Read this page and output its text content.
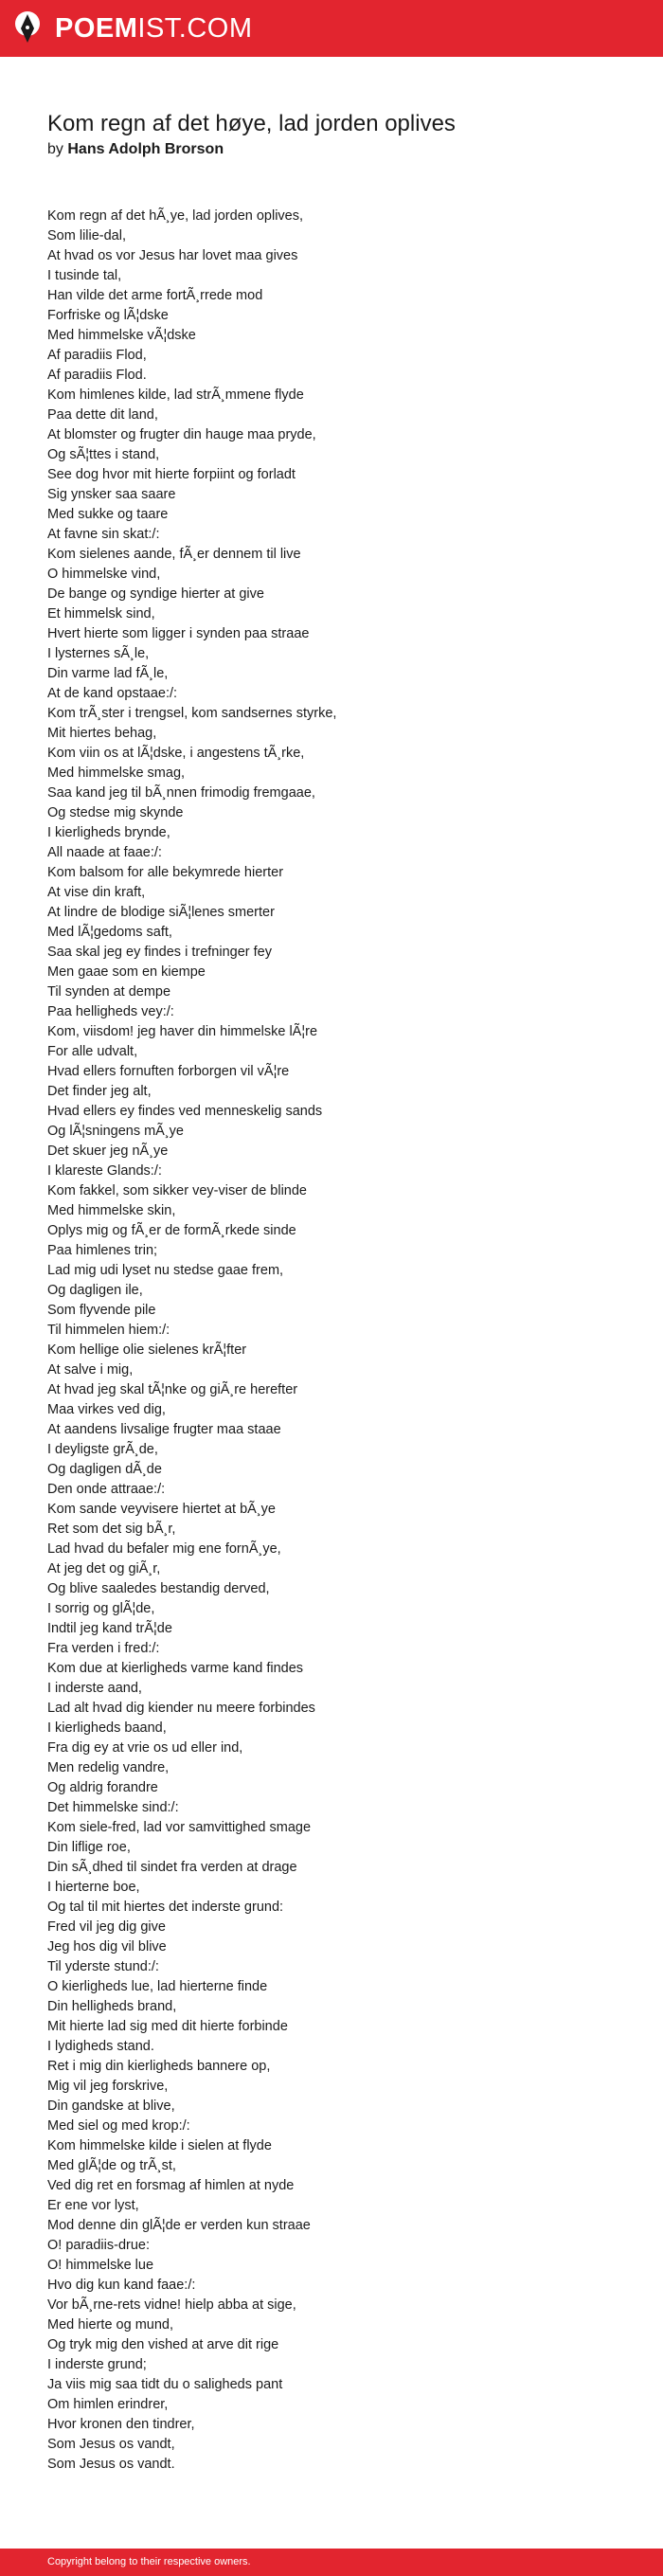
POEMIST.COM
Kom regn af det høye, lad jorden oplives
by Hans Adolph Brorson
Kom regn af det hÃ¸ye, lad jorden oplives,
Som lilie-dal,
At hvad os vor Jesus har lovet maa gives
I tusinde tal,
Han vilde det arme fortÃ¸rrede mod
Forfriske og lÃ¦dske
Med himmelske vÃ¦dske
Af paradiis Flod,
Af paradiis Flod.
Kom himlenes kilde, lad strÃ¸mmene flyde
Paa dette dit land,
At blomster og frugter din hauge maa pryde,
Og sÃ¦ttes i stand,
See dog hvor mit hierte forpiint og forladt
Sig ynsker saa saare
Med sukke og taare
At favne sin skat:/:
Kom sielenes aande, fÃ¸er dennem til live
O himmelske vind,
De bange og syndige hierter at give
Et himmelsk sind,
Hvert hierte som ligger i synden paa straae
I lysternes sÃ¸le,
Din varme lad fÃ¸le,
At de kand opstaae:/:
Kom trÃ¸ster i trengsel, kom sandsernes styrke,
Mit hiertes behag,
Kom viin os at lÃ¦dske, i angestens tÃ¸rke,
Med himmelske smag,
Saa kand jeg til bÃ¸nnen frimodig fremgaae,
Og stedse mig skynde
I kierligheds brynde,
All naade at faae:/:
Kom balsom for alle bekymrede hierter
At vise din kraft,
At lindre de blodige siÃ¦lenes smerter
Med lÃ¦gedoms saft,
Saa skal jeg ey findes i trefninger fey
Men gaae som en kiempe
Til synden at dempe
Paa helligheds vey:/:
Kom, viisdom! jeg haver din himmelske lÃ¦re
For alle udvalt,
Hvad ellers fornuften forborgen vil vÃ¦re
Det finder jeg alt,
Hvad ellers ey findes ved menneskelig sands
Og lÃ¦sningens mÃ¸ye
Det skuer jeg nÃ¸ye
I klareste Glands:/:
Kom fakkel, som sikker vey-viser de blinde
Med himmelske skin,
Oplys mig og fÃ¸er de formÃ¸rkede sinde
Paa himlenes trin;
Lad mig udi lyset nu stedse gaae frem,
Og dagligen ile,
Som flyvende pile
Til himmelen hiem:/:
Kom hellige olie sielenes krÃ¦fter
At salve i mig,
At hvad jeg skal tÃ¦nke og giÃ¸re herefter
Maa virkes ved dig,
At aandens livsalige frugter maa staae
I deyligste grÃ¸de,
Og dagligen dÃ¸de
Den onde attraae:/:
Kom sande veyvisere hiertet at bÃ¸ye
Ret som det sig bÃ¸r,
Lad hvad du befaler mig ene fornÃ¸ye,
At jeg det og giÃ¸r,
Og blive saaledes bestandig derved,
I sorrig og glÃ¦de,
Indtil jeg kand trÃ¦de
Fra verden i fred:/:
Kom due at kierligheds varme kand findes
I inderste aand,
Lad alt hvad dig kiender nu meere forbindes
I kierligheds baand,
Fra dig ey at vrie os ud eller ind,
Men redelig vandre,
Og aldrig forandre
Det himmelske sind:/:
Kom siele-fred, lad vor samvittighed smage
Din liflige roe,
Din sÃ¸dhed til sindet fra verden at drage
I hierterne boe,
Og tal til mit hiertes det inderste grund:
Fred vil jeg dig give
Jeg hos dig vil blive
Til yderste stund:/:
O kierligheds lue, lad hierterne finde
Din helligheds brand,
Mit hierte lad sig med dit hierte forbinde
I lydigheds stand.
Ret i mig din kierligheds bannere op,
Mig vil jeg forskrive,
Din gandske at blive,
Med siel og med krop:/:
Kom himmelske kilde i sielen at flyde
Med glÃ¦de og trÃ¸st,
Ved dig ret en forsmag af himlen at nyde
Er ene vor lyst,
Mod denne din glÃ¦de er verden kun straae
O! paradiis-drue:
O! himmelske lue
Hvo dig kun kand faae:/:
Vor bÃ¸rne-rets vidne! hielp abba at sige,
Med hierte og mund,
Og tryk mig den vished at arve dit rige
I inderste grund;
Ja viis mig saa tidt du o saligheds pant
Om himlen erindrer,
Hvor kronen den tindrer,
Som Jesus os vandt,
Som Jesus os vandt.
Copyright belong to their respective owners.
